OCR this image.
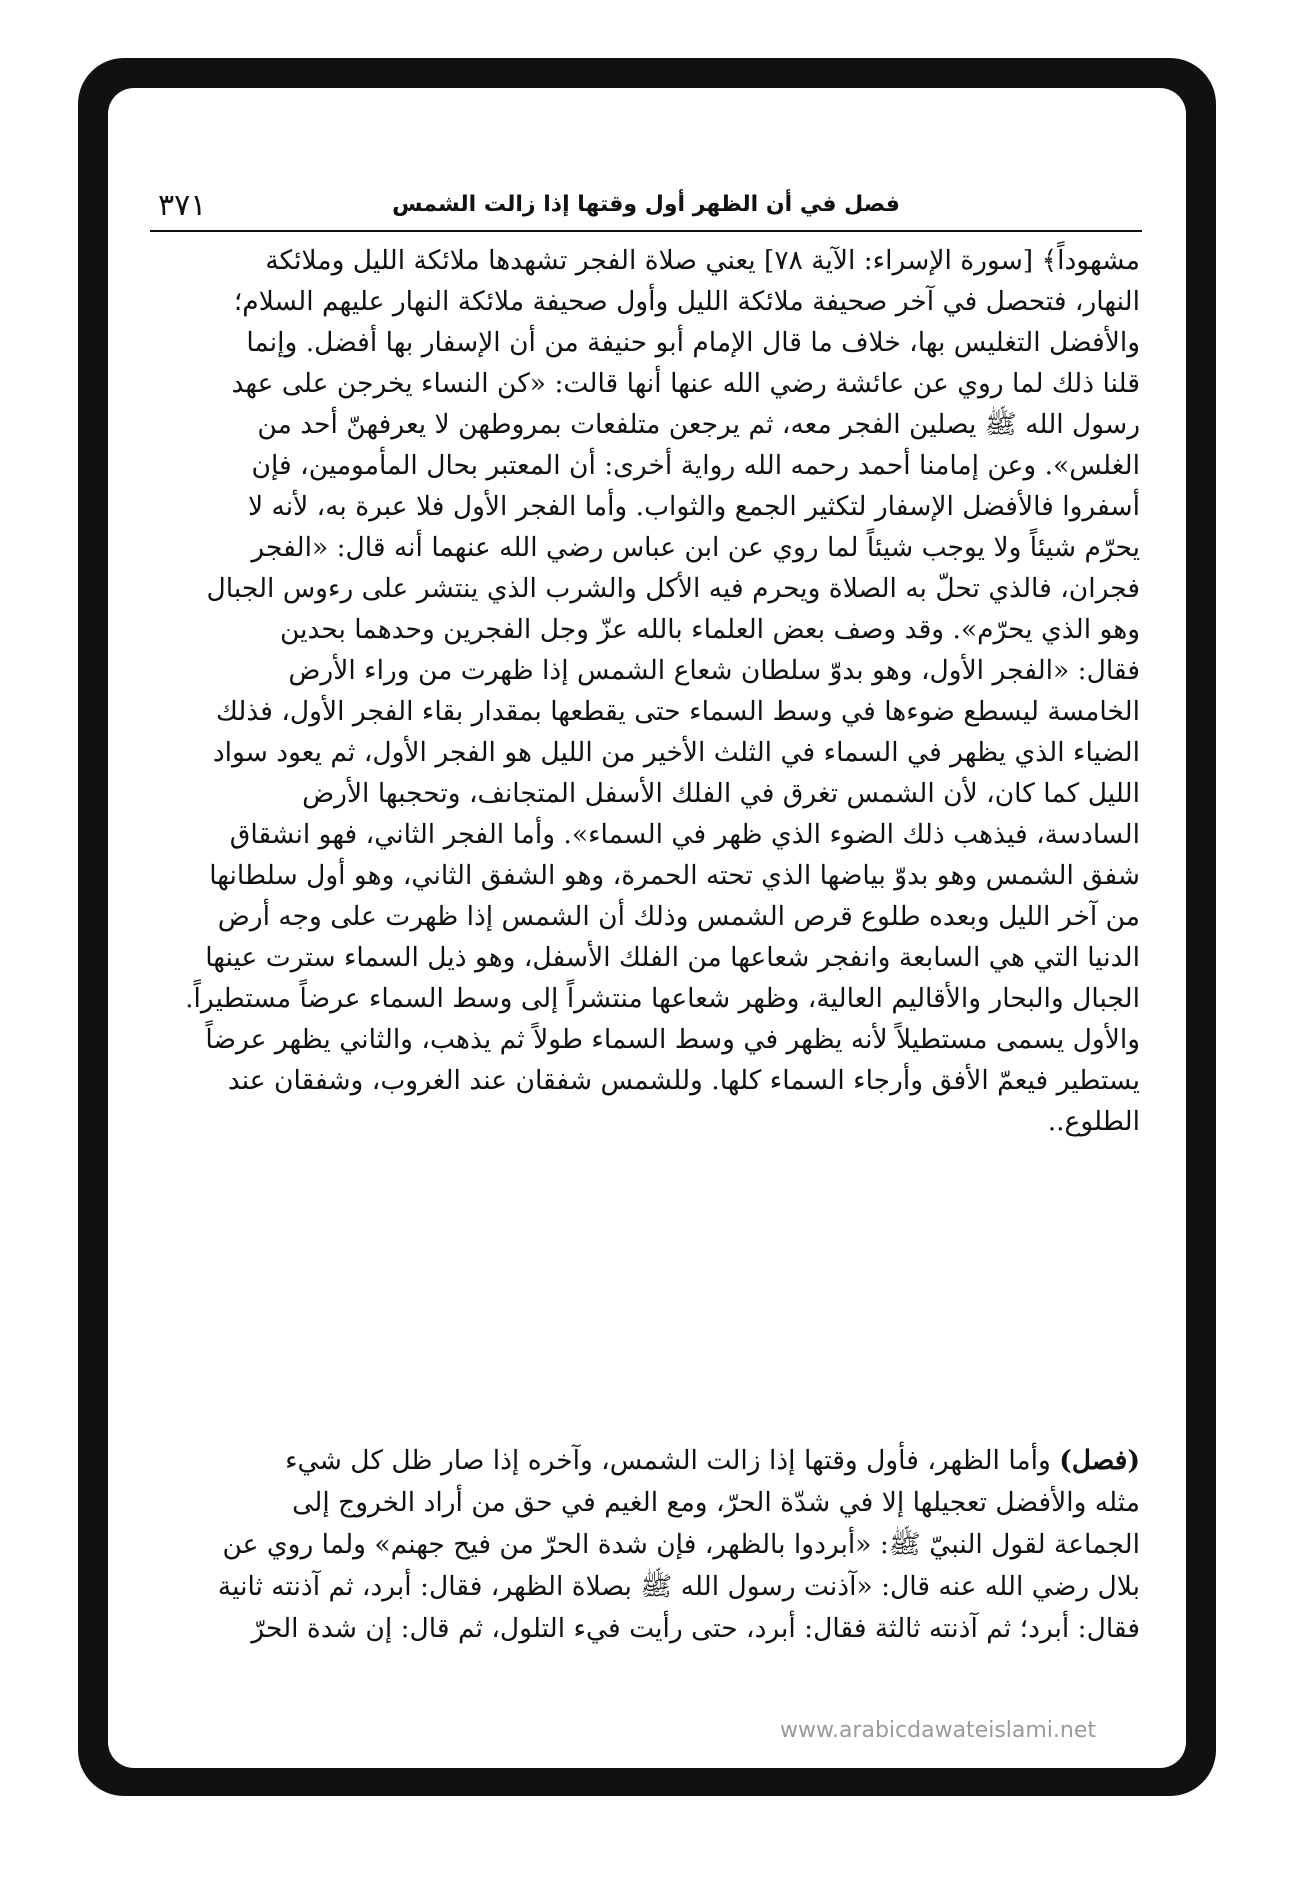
فصل في أن الظهر أول وقتها إذا زالت الشمس
٣٧١

مشهوداً﴾ [سورة الإسراء: الآية ٧٨] يعني صلاة الفجر تشهدها ملائكة الليل وملائكة

النهار، فتحصل في آخر صحيفة ملائكة الليل وأول صحيفة ملائكة النهار عليهم السلام؛

والأفضل التغليس بها، خلاف ما قال الإمام أبو حنيفة من أن الإسفار بها أفضل. وإنما

قلنا ذلك لما روي عن عائشة رضي الله عنها أنها قالت: «كن النساء يخرجن على عهد

رسول الله ﷺ يصلين الفجر معه، ثم يرجعن متلفعات بمروطهن لا يعرفهنّ أحد من

الغلس». وعن إمامنا أحمد رحمه الله رواية أخرى: أن المعتبر بحال المأمومين، فإن

أسفروا فالأفضل الإسفار لتكثير الجمع والثواب. وأما الفجر الأول فلا عبرة به، لأنه لا

يحرّم شيئاً ولا يوجب شيئاً لما روي عن ابن عباس رضي الله عنهما أنه قال: «الفجر

فجران، فالذي تحلّ به الصلاة ويحرم فيه الأكل والشرب الذي ينتشر على رءوس الجبال

وهو الذي يحرّم». وقد وصف بعض العلماء بالله عزّ وجل الفجرين وحدهما بحدين

فقال: «الفجر الأول، وهو بدوّ سلطان شعاع الشمس إذا ظهرت من وراء الأرض

الخامسة ليسطع ضوءها في وسط السماء حتى يقطعها بمقدار بقاء الفجر الأول، فذلك

الضياء الذي يظهر في السماء في الثلث الأخير من الليل هو الفجر الأول، ثم يعود سواد

الليل كما كان، لأن الشمس تغرق في الفلك الأسفل المتجانف، وتحجبها الأرض

السادسة، فيذهب ذلك الضوء الذي ظهر في السماء». وأما الفجر الثاني، فهو انشقاق

شفق الشمس وهو بدوّ بياضها الذي تحته الحمرة، وهو الشفق الثاني، وهو أول سلطانها

من آخر الليل وبعده طلوع قرص الشمس وذلك أن الشمس إذا ظهرت على وجه أرض

الدنيا التي هي السابعة وانفجر شعاعها من الفلك الأسفل، وهو ذيل السماء سترت عينها

الجبال والبحار والأقاليم العالية، وظهر شعاعها منتشراً إلى وسط السماء عرضاً مستطيراً.

والأول يسمى مستطيلاً لأنه يظهر في وسط السماء طولاً ثم يذهب، والثاني يظهر عرضاً

يستطير فيعمّ الأفق وأرجاء السماء كلها. وللشمس شفقان عند الغروب، وشفقان عند

الطلوع..

(فصل) وأما الظهر، فأول وقتها إذا زالت الشمس، وآخره إذا صار ظل كل شيء

مثله والأفضل تعجيلها إلا في شدّة الحرّ، ومع الغيم في حق من أراد الخروج إلى

الجماعة لقول النبيّ ﷺ: «أبردوا بالظهر، فإن شدة الحرّ من فيح جهنم» ولما روي عن

بلال رضي الله عنه قال: «آذنت رسول الله ﷺ بصلاة الظهر، فقال: أبرد، ثم آذنته ثانية

فقال: أبرد؛ ثم آذنته ثالثة فقال: أبرد، حتى رأيت فيء التلول، ثم قال: إن شدة الحرّ

www.arabicdawateislami.net
